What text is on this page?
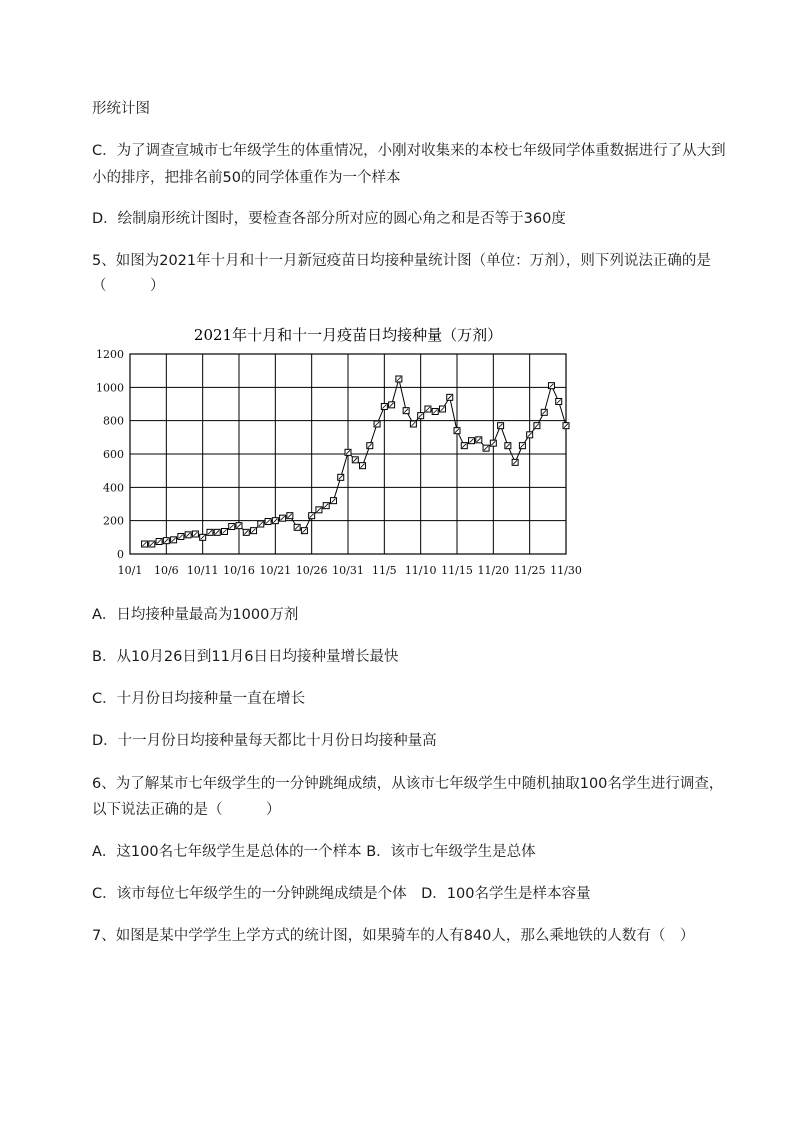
形统计图
C．为了调查宣城市七年级学生的体重情况，小刚对收集来的本校七年级同学体重数据进行了从大到
小的排序，把排名前50的同学体重作为一个样本
D．绘制扇形统计图时，要检查各部分所对应的圆心角之和是否等于360度
5、如图为2021年十月和十一月新冠疫苗日均接种量统计图（单位：万剂），则下列说法正确的是
（　　　）
2021年十月和十一月疫苗日均接种量（万剂）
0
200
400
600
800
1000
1200
10/1 10/6 10/11 10/16 10/21 10/26 10/31 11/5 11/10 11/15 11/20 11/25 11/30
A．日均接种量最高为1000万剂
B．从10月26日到11月6日日均接种量增长最快
C．十月份日均接种量一直在增长
D．十一月份日均接种量每天都比十月份日均接种量高
6、为了解某市七年级学生的一分钟跳绳成绩，从该市七年级学生中随机抽取100名学生进行调查，
以下说法正确的是（　　　）
A．这100名七年级学生是总体的一个样本 B．该市七年级学生是总体
C．该市每位七年级学生的一分钟跳绳成绩是个体　D．100名学生是样本容量
7、如图是某中学学生上学方式的统计图，如果骑车的人有840人，那么乘地铁的人数有（　）
